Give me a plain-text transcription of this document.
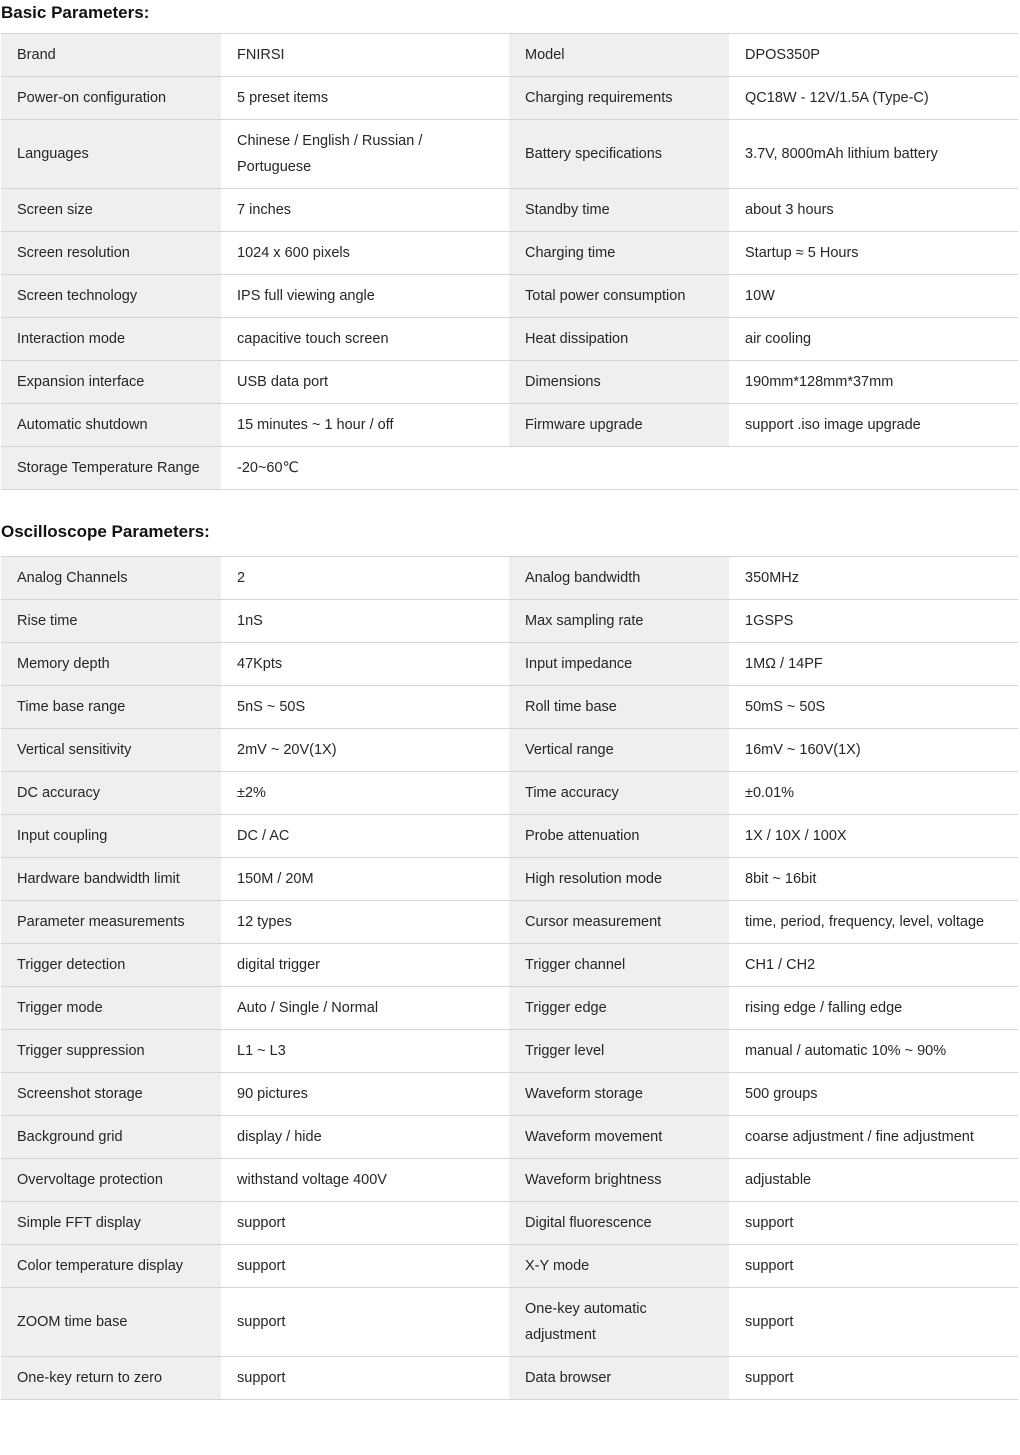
Basic Parameters:
Brand	FNIRSI	Model	DPOS350P
Power-on configuration	5 preset items	Charging requirements	QC18W - 12V/1.5A (Type-C)
Languages	Chinese / English / Russian / Portuguese	Battery specifications	3.7V, 8000mAh lithium battery
Screen size	7 inches	Standby time	about 3 hours
Screen resolution	1024 x 600 pixels	Charging time	Startup ≈ 5 Hours
Screen technology	IPS full viewing angle	Total power consumption	10W
Interaction mode	capacitive touch screen	Heat dissipation	air cooling
Expansion interface	USB data port	Dimensions	190mm*128mm*37mm
Automatic shutdown	15 minutes ~ 1 hour / off	Firmware upgrade	support .iso image upgrade
Storage Temperature Range	-20~60℃		
Oscilloscope Parameters:
Analog Channels	2	Analog bandwidth	350MHz
Rise time	1nS	Max sampling rate	1GSPS
Memory depth	47Kpts	Input impedance	1MΩ / 14PF
Time base range	5nS ~ 50S	Roll time base	50mS ~ 50S
Vertical sensitivity	2mV ~ 20V(1X)	Vertical range	16mV ~ 160V(1X)
DC accuracy	±2%	Time accuracy	±0.01%
Input coupling	DC / AC	Probe attenuation	1X / 10X / 100X
Hardware bandwidth limit	150M / 20M	High resolution mode	8bit ~ 16bit
Parameter measurements	12 types	Cursor measurement	time, period, frequency, level, voltage
Trigger detection	digital trigger	Trigger channel	CH1 / CH2
Trigger mode	Auto / Single / Normal	Trigger edge	rising edge / falling edge
Trigger suppression	L1 ~ L3	Trigger level	manual / automatic 10% ~ 90%
Screenshot storage	90 pictures	Waveform storage	500 groups
Background grid	display / hide	Waveform movement	coarse adjustment / fine adjustment
Overvoltage protection	withstand voltage 400V	Waveform brightness	adjustable
Simple FFT display	support	Digital fluorescence	support
Color temperature display	support	X-Y mode	support
ZOOM time base	support	One-key automatic adjustment	support
One-key return to zero	support	Data browser	support
